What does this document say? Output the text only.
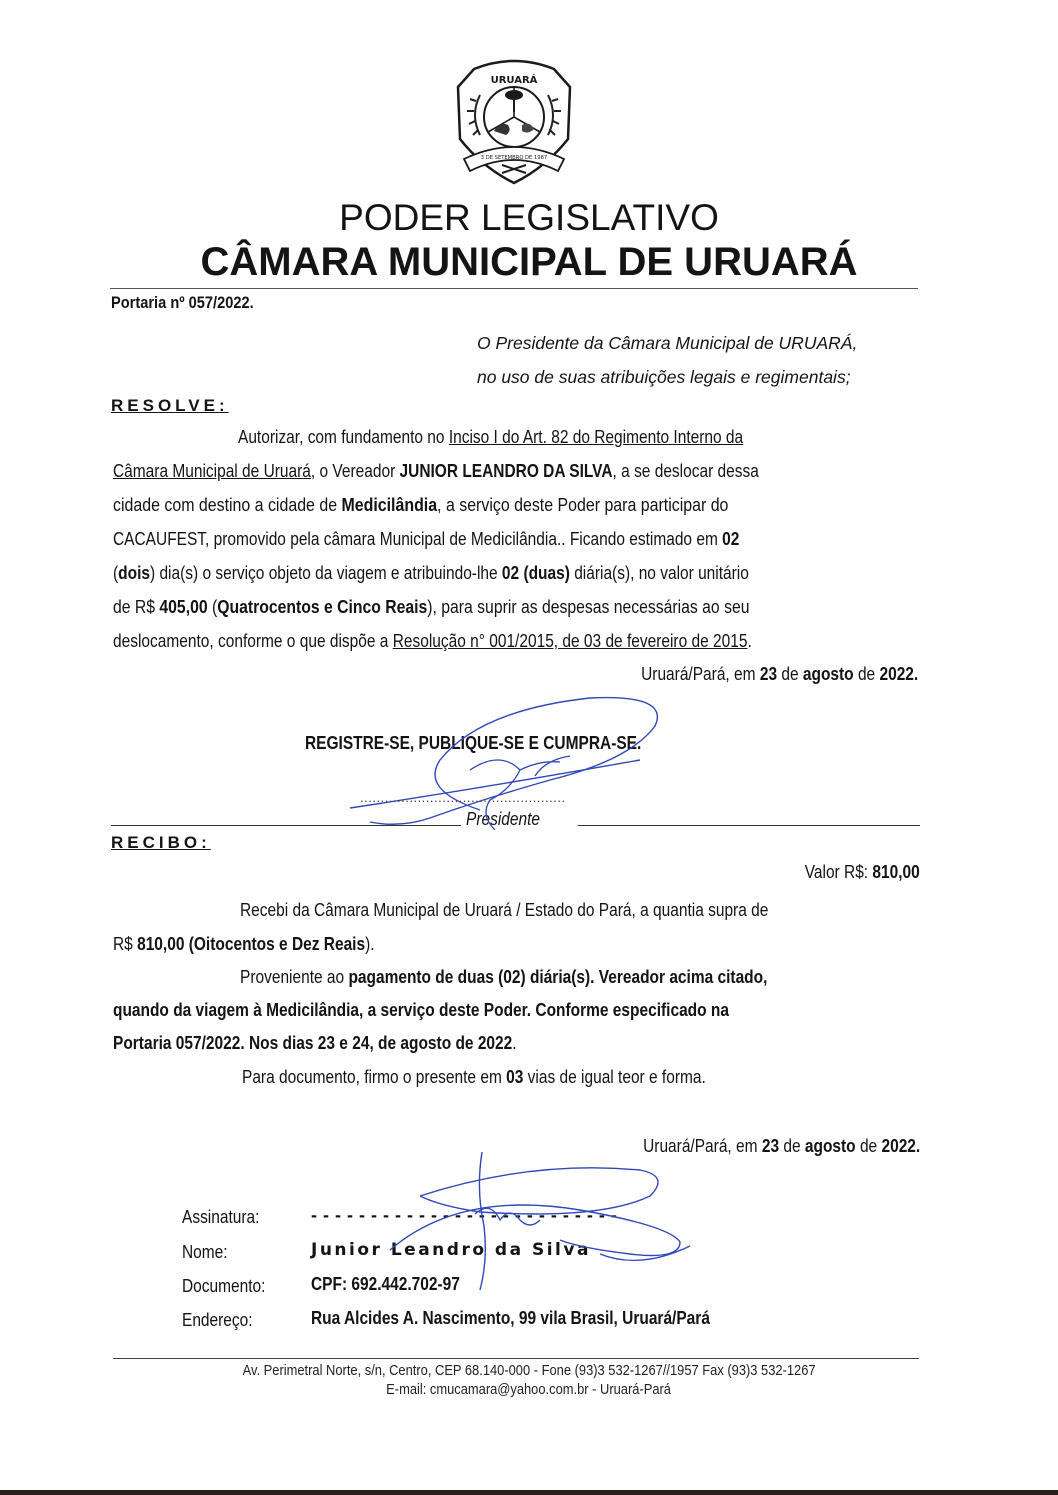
URUARÁ
3 DE SETEMBRO DE 1987
PODER LEGISLATIVO
CÂMARA MUNICIPAL DE URUARÁ
Portaria nº 057/2022.
O Presidente da Câmara Municipal de URUARÁ,
no uso de suas atribuições legais e regimentais;
RESOLVE:
Autorizar, com fundamento no Inciso I do Art. 82 do Regimento Interno da
Câmara Municipal de Uruará, o Vereador JUNIOR LEANDRO DA SILVA, a se deslocar dessa
cidade com destino a cidade de Medicilândia, a serviço deste Poder para participar do
CACAUFEST, promovido pela câmara Municipal de Medicilândia.. Ficando estimado em 02
(dois) dia(s) o serviço objeto da viagem e atribuindo-lhe 02 (duas) diária(s), no valor unitário
de R$ 405,00 (Quatrocentos e Cinco Reais), para suprir as despesas necessárias ao seu
deslocamento, conforme o que dispõe a Resolução n° 001/2015, de 03 de fevereiro de 2015.
Uruará/Pará, em 23 de agosto de 2022.
REGISTRE-SE, PUBLIQUE-SE E CUMPRA-SE.
..................................................
Presidente
RECIBO:
Valor R$: 810,00
Recebi da Câmara Municipal de Uruará / Estado do Pará, a quantia supra de
R$ 810,00 (Oitocentos e Dez Reais).
Proveniente ao pagamento de duas (02) diária(s). Vereador acima citado,
quando da viagem à Medicilândia, a serviço deste Poder. Conforme especificado na
Portaria 057/2022. Nos dias 23 e 24, de agosto de 2022.
Para documento, firmo o presente em 03 vias de igual teor e forma.
Uruará/Pará, em 23 de agosto de 2022.
Assinatura:	- - - - - - - - - - - - - - - - - - - - - - - - - -
Nome:	Junior Leandro da Silva
Documento:	CPF: 692.442.702-97
Endereço:	Rua Alcides A. Nascimento, 99 vila Brasil, Uruará/Pará
Av. Perimetral Norte, s/n, Centro, CEP 68.140-000 - Fone (93)3 532-1267//1957 Fax (93)3 532-1267
E-mail: cmucamara@yahoo.com.br - Uruará-Pará
